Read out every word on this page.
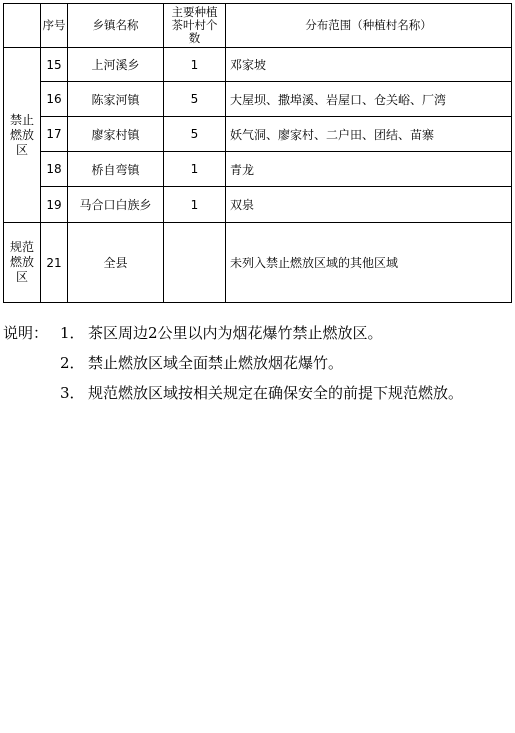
	序号	乡镇名称	主要种植茶叶村个数	分布范围（种植村名称）
禁止燃放区	15	上河溪乡	1	邓家坡
	16	陈家河镇	5	大屋坝、撒埠溪、岩屋口、仓关峪、厂湾
	17	廖家村镇	5	妖气洞、廖家村、二户田、团结、苗寨
	18	桥自弯镇	1	青龙
	19	马合口白族乡	1	双泉
规范燃放区	21	全县		未列入禁止燃放区域的其他区域
说明： 1． 茶区周边2公里以内为烟花爆竹禁止燃放区。
2． 禁止燃放区域全面禁止燃放烟花爆竹。
3． 规范燃放区域按相关规定在确保安全的前提下规范燃放。
